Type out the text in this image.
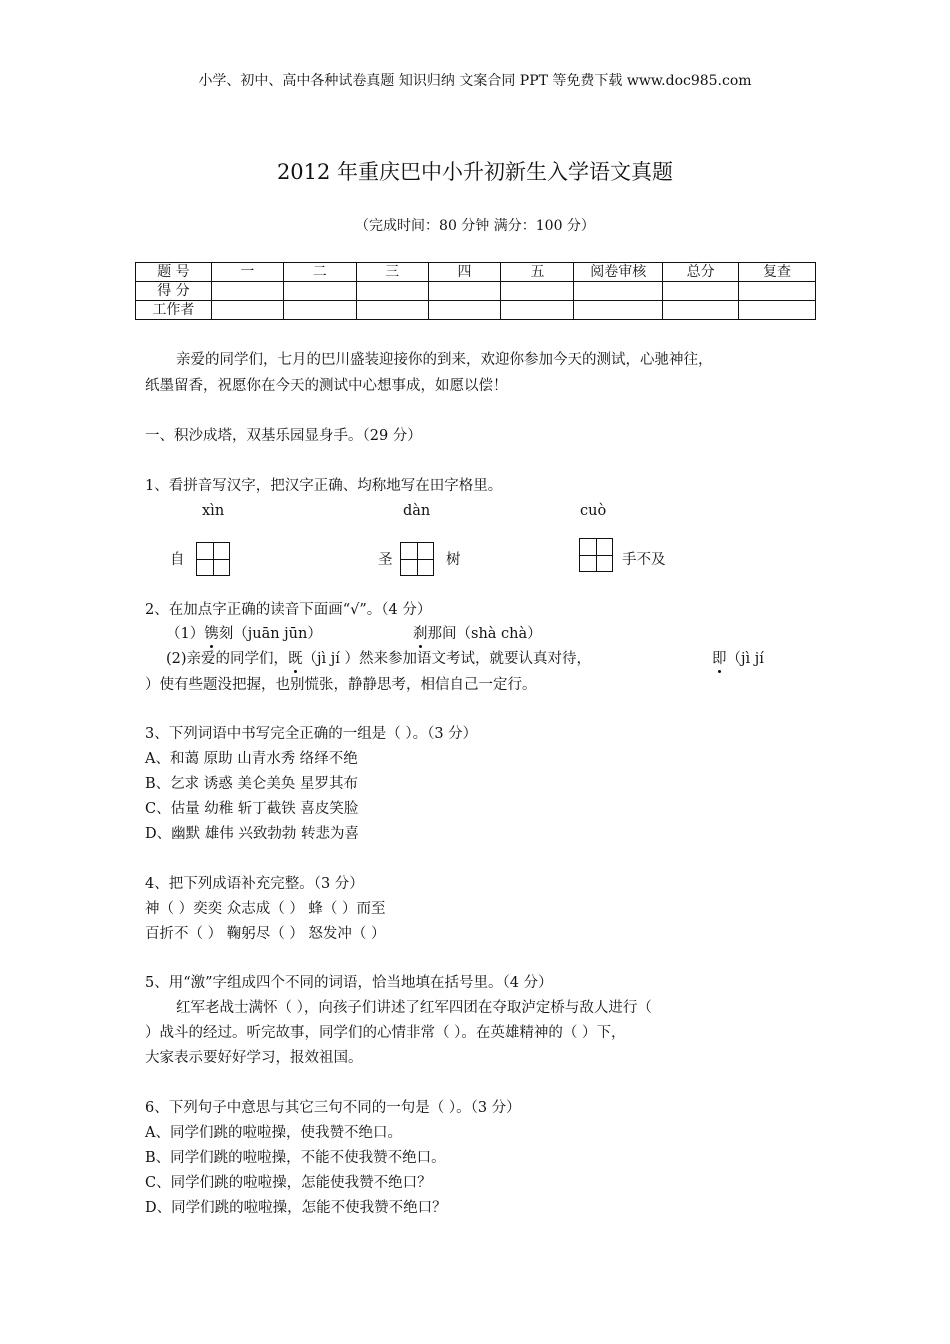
小学、初中、高中各种试卷真题 知识归纳 文案合同 PPT 等免费下载 www.doc985.com
2012 年重庆巴中小升初新生入学语文真题
（完成时间：80 分钟 满分：100 分）
题 号	一	二	三	四	五	阅卷审核	总分	复查
得 分								
工作者								
亲爱的同学们，七月的巴川盛装迎接你的到来，欢迎你参加今天的测试，心驰神往，
纸墨留香，祝愿你在今天的测试中心想事成，如愿以偿！
一、积沙成塔，双基乐园显身手。（29 分）
1、看拼音写汉字，把汉字正确、均称地写在田字格里。
xìn	dàn	cuò
自	圣	树	手不及
2、在加点字正确的读音下面画“√”。（4 分）
（1）镌刻（juān jūn）	刹那间（shà chà）
(2)亲爱的同学们，既（jì jí ）然来参加语文考试，就要认真对待，	即（jì jí
）使有些题没把握，也别慌张，静静思考，相信自己一定行。
3、下列词语中书写完全正确的一组是（ ）。（3 分）
A、和蔼 原助 山青水秀 络绎不绝
B、乞求 诱惑 美仑美奂 星罗其布
C、估量 幼稚 斩丁截铁 喜皮笑脸
D、幽默 雄伟 兴致勃勃 转悲为喜
4、把下列成语补充完整。（3 分）
神（ ）奕奕 众志成（ ） 蜂（ ）而至
百折不（ ） 鞠躬尽（ ） 怒发冲（ ）
5、用“激”字组成四个不同的词语，恰当地填在括号里。（4 分）
红军老战士满怀（ ），向孩子们讲述了红军四团在夺取泸定桥与敌人进行（
）战斗的经过。听完故事，同学们的心情非常（ ）。在英雄精神的（ ）下，
大家表示要好好学习，报效祖国。
6、下列句子中意思与其它三句不同的一句是（ ）。（3 分）
A、同学们跳的啦啦操，使我赞不绝口。
B、同学们跳的啦啦操，不能不使我赞不绝口。
C、同学们跳的啦啦操，怎能使我赞不绝口？
D、同学们跳的啦啦操，怎能不使我赞不绝口？
